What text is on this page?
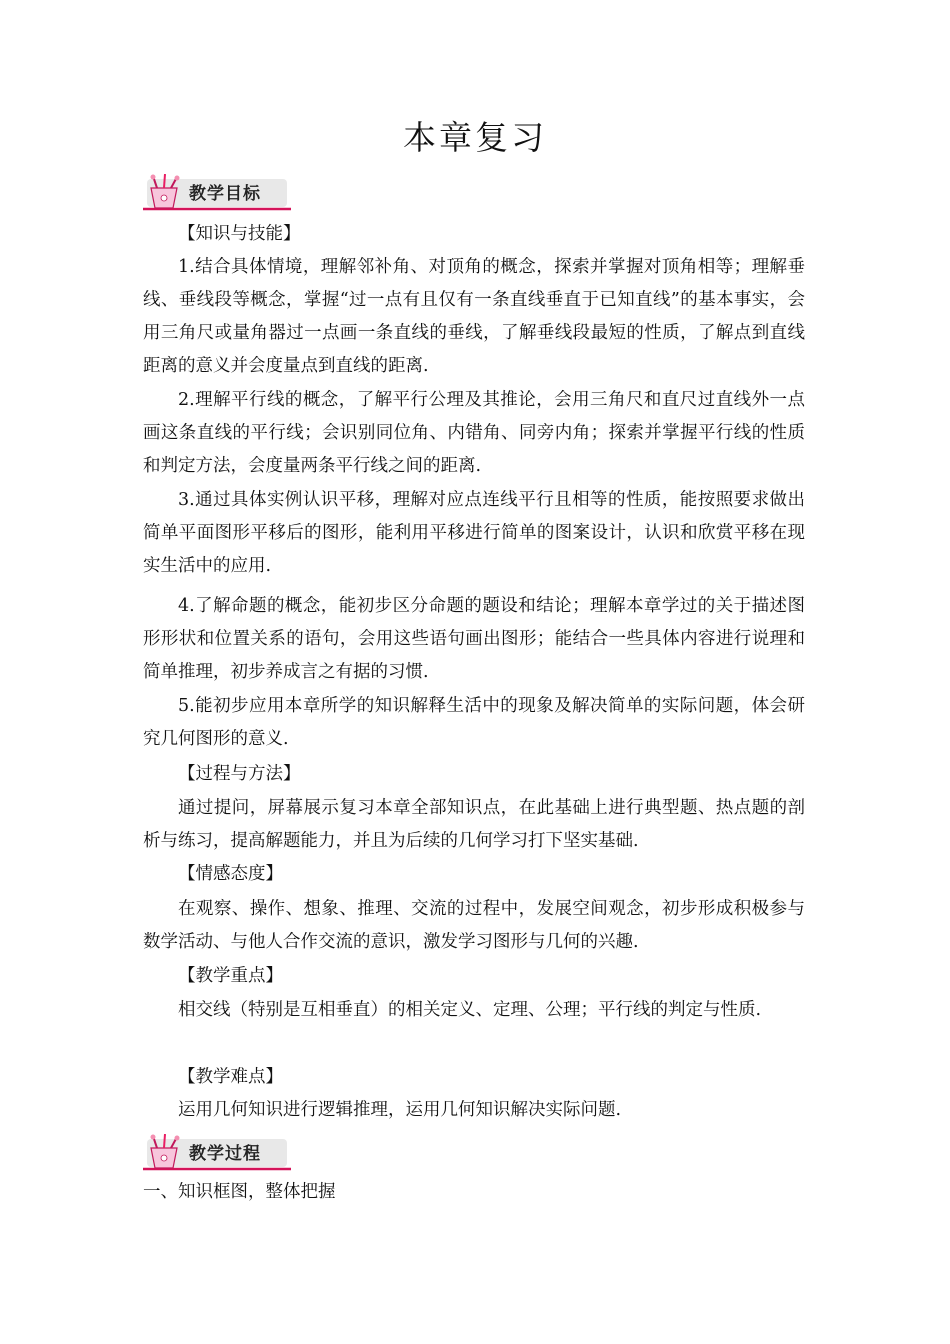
本章复习
教学目标

【知识与技能】

1.结合具体情境，理解邻补角、对顶角的概念，探索并掌握对顶角相等；理解垂线、垂线段等概念，掌握“过一点有且仅有一条直线垂直于已知直线”的基本事实，会用三角尺或量角器过一点画一条直线的垂线，了解垂线段最短的性质，了解点到直线距离的意义并会度量点到直线的距离.

2.理解平行线的概念，了解平行公理及其推论，会用三角尺和直尺过直线外一点画这条直线的平行线；会识别同位角、内错角、同旁内角；探索并掌握平行线的性质和判定方法，会度量两条平行线之间的距离.

3.通过具体实例认识平移，理解对应点连线平行且相等的性质，能按照要求做出简单平面图形平移后的图形，能利用平移进行简单的图案设计，认识和欣赏平移在现实生活中的应用.

4.了解命题的概念，能初步区分命题的题设和结论；理解本章学过的关于描述图形形状和位置关系的语句，会用这些语句画出图形；能结合一些具体内容进行说理和简单推理，初步养成言之有据的习惯.

5.能初步应用本章所学的知识解释生活中的现象及解决简单的实际问题，体会研究几何图形的意义.

【过程与方法】

通过提问，屏幕展示复习本章全部知识点，在此基础上进行典型题、热点题的剖析与练习，提高解题能力，并且为后续的几何学习打下坚实基础.

【情感态度】

在观察、操作、想象、推理、交流的过程中，发展空间观念，初步形成积极参与数学活动、与他人合作交流的意识，激发学习图形与几何的兴趣.

【教学重点】

相交线（特别是互相垂直）的相关定义、定理、公理；平行线的判定与性质.

【教学难点】

运用几何知识进行逻辑推理，运用几何知识解决实际问题.

教学过程

一、知识框图，整体把握
